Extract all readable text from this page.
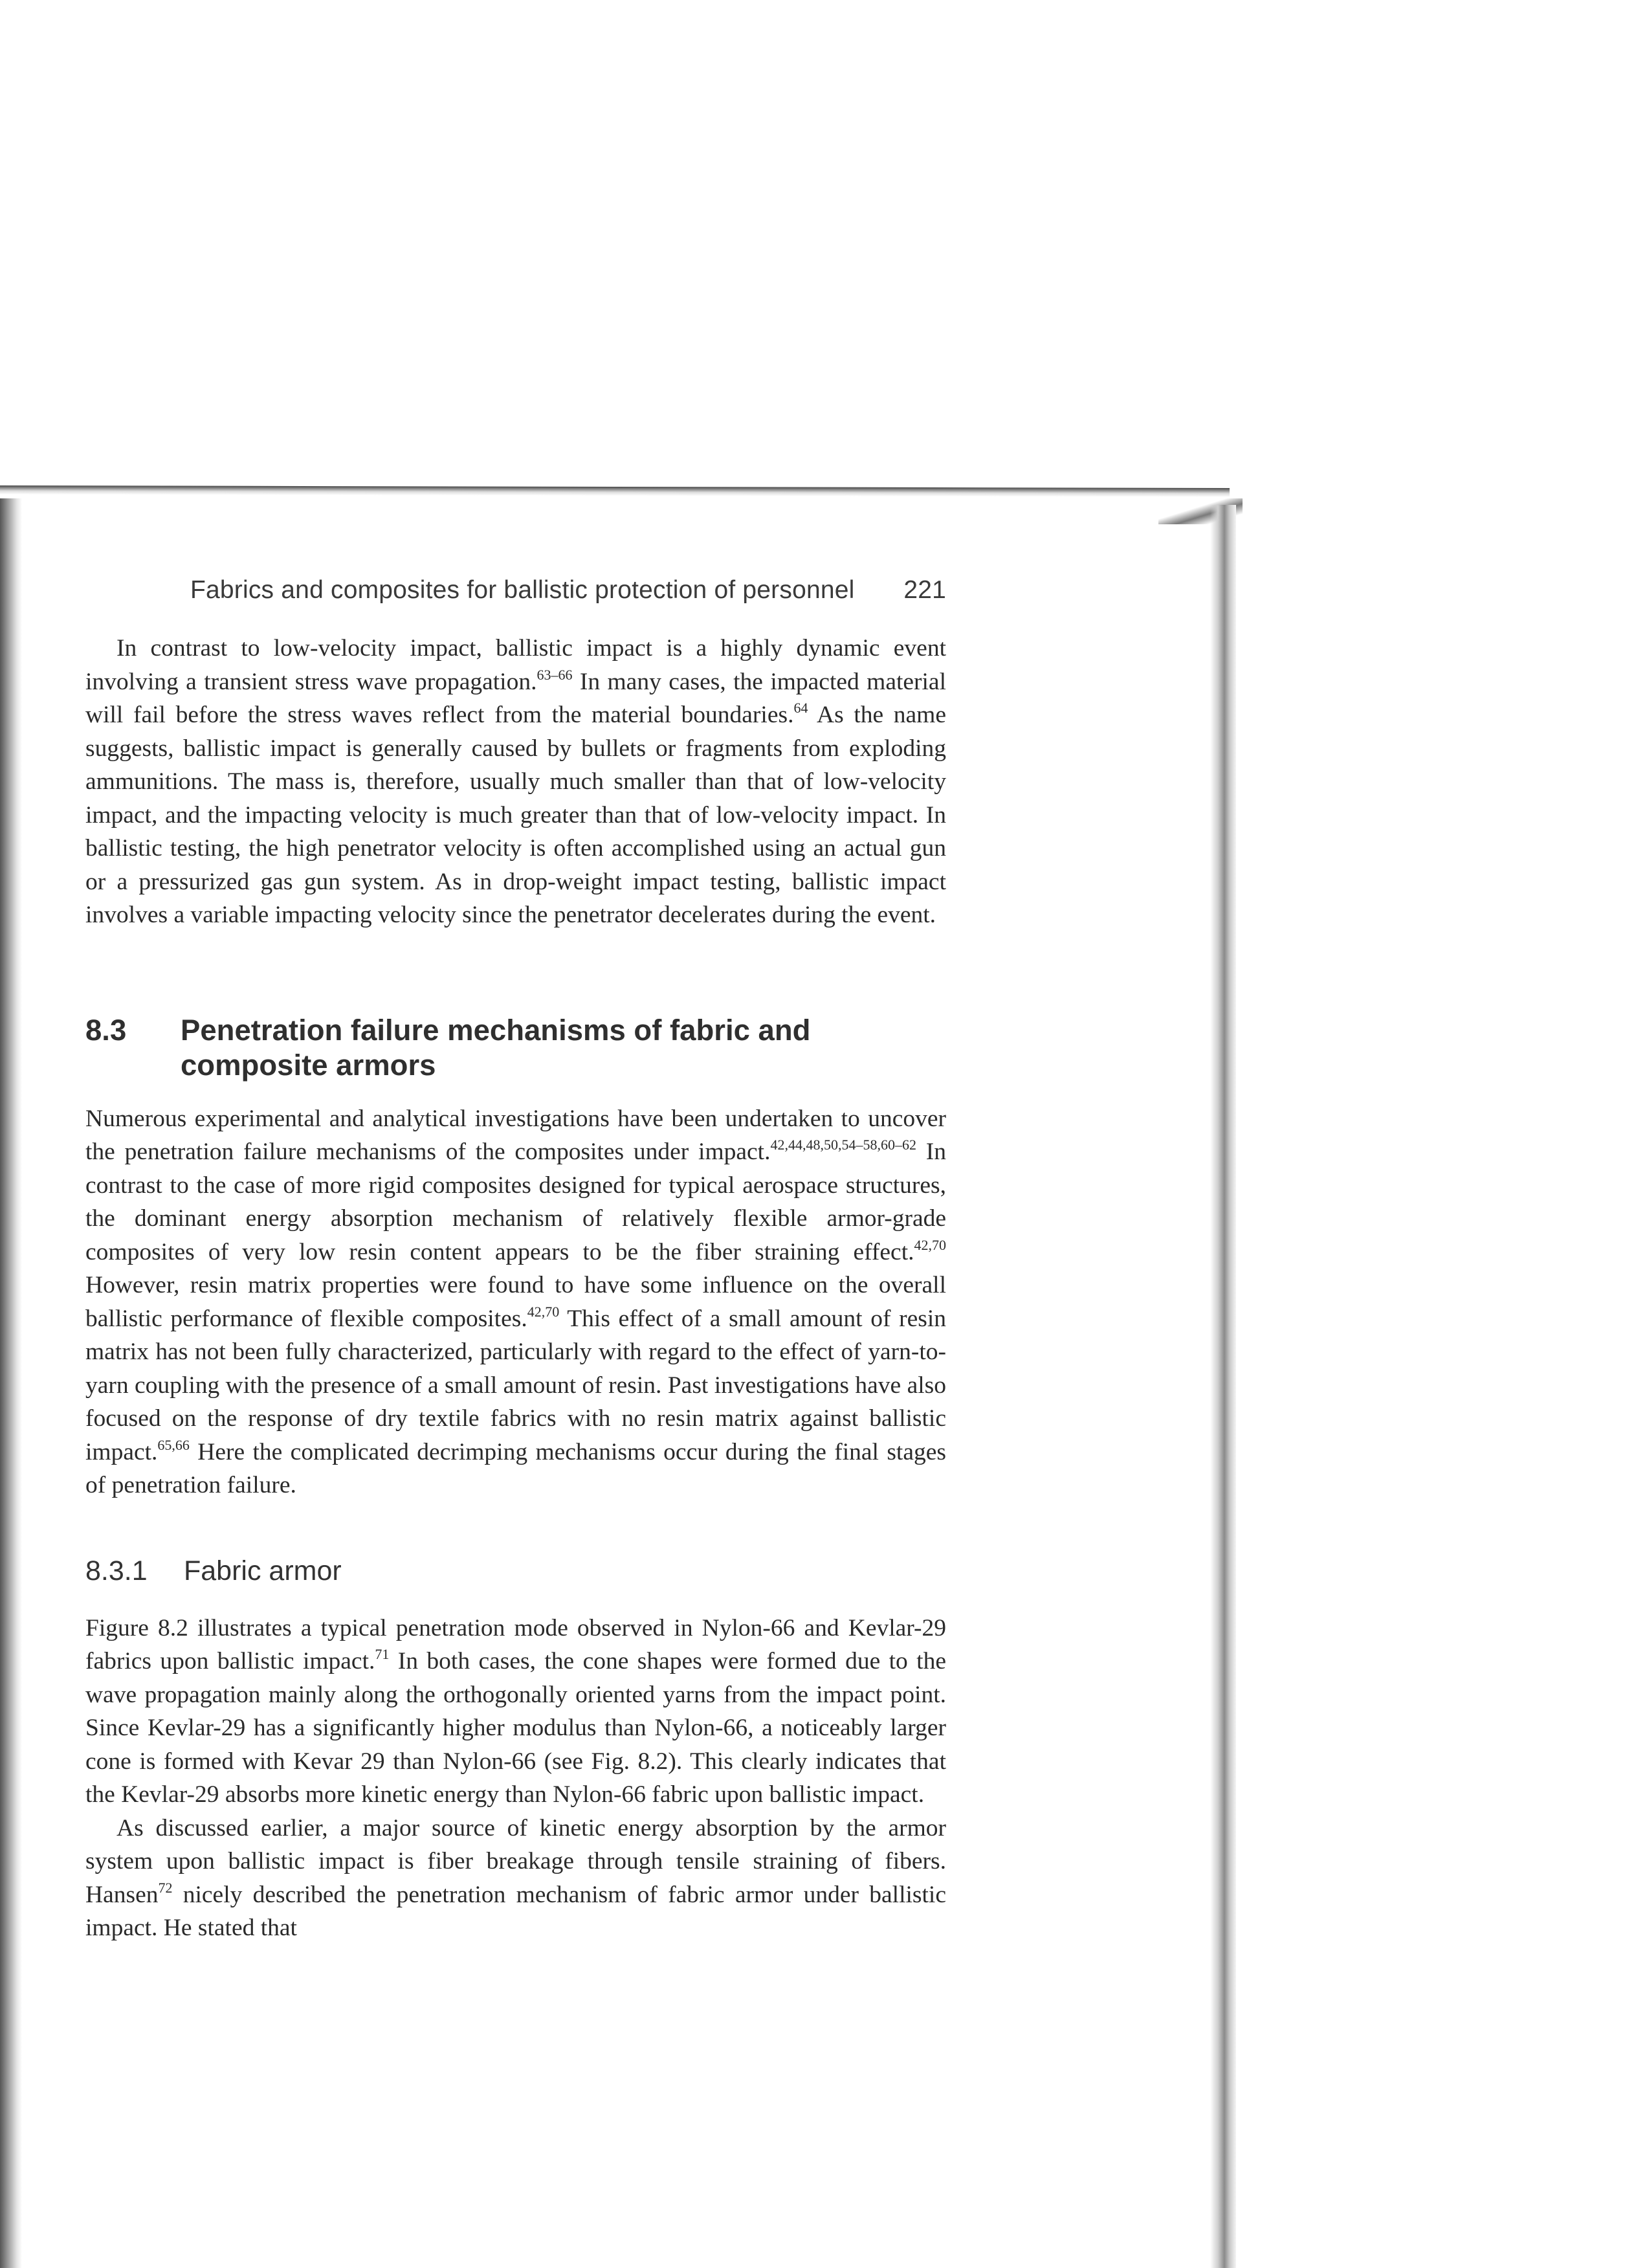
Fabrics and composites for ballistic protection of personnel 221

In contrast to low-velocity impact, ballistic impact is a highly dynamic event involving a transient stress wave propagation.$^{63-66}$ In many cases, the impacted material will fail before the stress waves reflect from the material boundaries.$^{64}$ As the name suggests, ballistic impact is generally caused by bullets or fragments from exploding ammunitions. The mass is, therefore, usually much smaller than that of low-velocity impact, and the impacting velocity is much greater than that of low-velocity impact. In ballistic testing, the high penetrator velocity is often accomplished using an actual gun or a pressurized gas gun system. As in drop-weight impact testing, ballistic impact involves a variable impacting velocity since the penetrator decelerates during the event.

8.3	Penetration failure mechanisms of fabric and composite armors

Numerous experimental and analytical investigations have been undertaken to uncover the penetration failure mechanisms of the composites under impact.$^{42,44,48,50,54-58,60-62}$ In contrast to the case of more rigid composites designed for typical aerospace structures, the dominant energy absorption mechanism of relatively flexible armor-grade composites of very low resin content appears to be the fiber straining effect.$^{42,70}$ However, resin matrix properties were found to have some influence on the overall ballistic performance of flexible composites.$^{42,70}$ This effect of a small amount of resin matrix has not been fully characterized, particularly with regard to the effect of yarn-to-yarn coupling with the presence of a small amount of resin. Past investigations have also focused on the response of dry textile fabrics with no resin matrix against ballistic impact.$^{65,66}$ Here the complicated decrimping mechanisms occur during the final stages of penetration failure.

8.3.1	Fabric armor

Figure 8.2 illustrates a typical penetration mode observed in Nylon-66 and Kevlar-29 fabrics upon ballistic impact.$^{71}$ In both cases, the cone shapes were formed due to the wave propagation mainly along the orthogonally oriented yarns from the impact point. Since Kevlar-29 has a significantly higher modulus than Nylon-66, a noticeably larger cone is formed with Kevar 29 than Nylon-66 (see Fig. 8.2). This clearly indicates that the Kevlar-29 absorbs more kinetic energy than Nylon-66 fabric upon ballistic impact.

As discussed earlier, a major source of kinetic energy absorption by the armor system upon ballistic impact is fiber breakage through tensile straining of fibers. Hansen$^{72}$ nicely described the penetration mechanism of fabric armor under ballistic impact. He stated that
